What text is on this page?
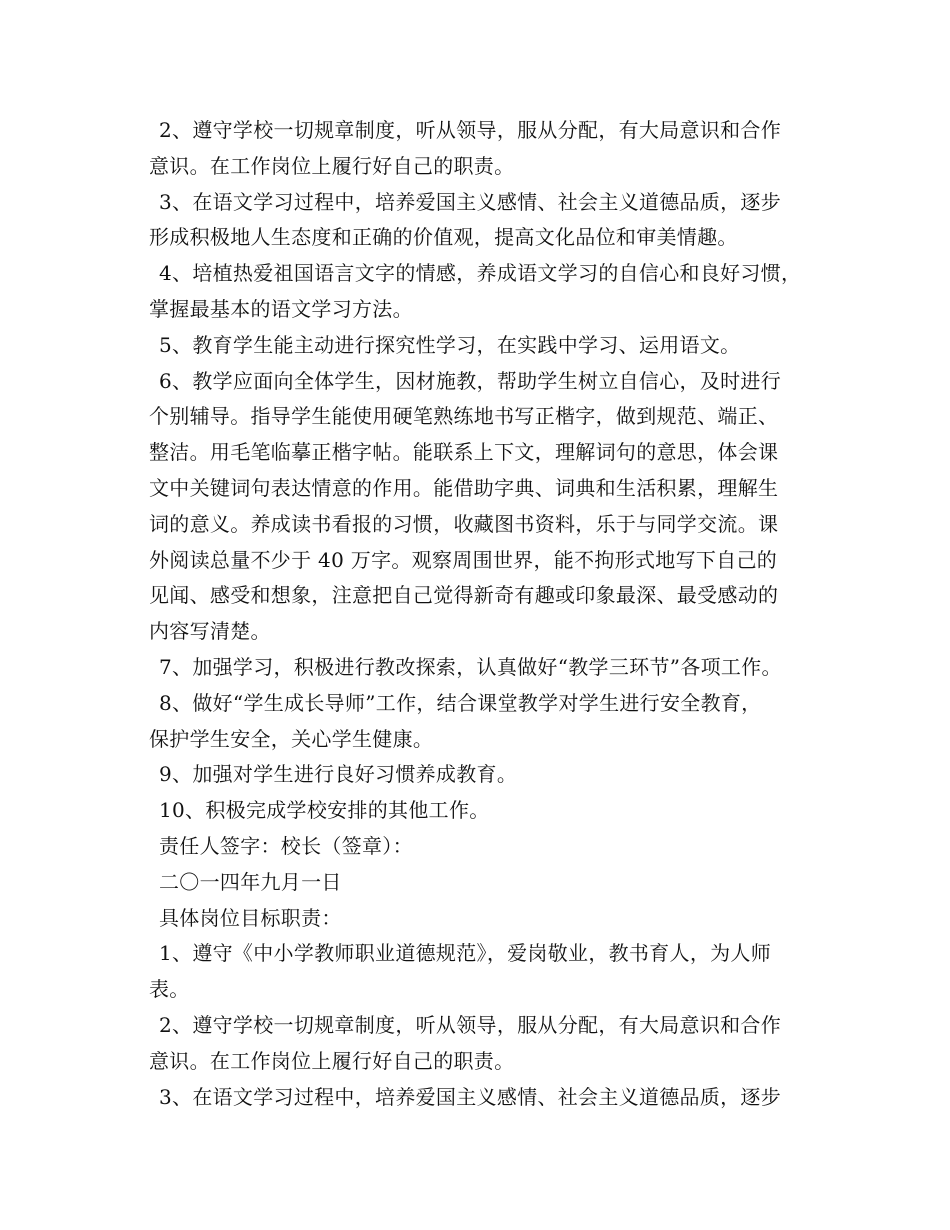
2、遵守学校一切规章制度，听从领导，服从分配，有大局意识和合作
意识。在工作岗位上履行好自己的职责。
3、在语文学习过程中，培养爱国主义感情、社会主义道德品质，逐步
形成积极地人生态度和正确的价值观，提高文化品位和审美情趣。
4、培植热爱祖国语言文字的情感，养成语文学习的自信心和良好习惯，
掌握最基本的语文学习方法。
5、教育学生能主动进行探究性学习，在实践中学习、运用语文。
6、教学应面向全体学生，因材施教，帮助学生树立自信心，及时进行
个别辅导。指导学生能使用硬笔熟练地书写正楷字，做到规范、端正、
整洁。用毛笔临摹正楷字帖。能联系上下文，理解词句的意思，体会课
文中关键词句表达情意的作用。能借助字典、词典和生活积累，理解生
词的意义。养成读书看报的习惯，收藏图书资料，乐于与同学交流。课
外阅读总量不少于 40 万字。观察周围世界，能不拘形式地写下自己的
见闻、感受和想象，注意把自己觉得新奇有趣或印象最深、最受感动的
内容写清楚。
7、加强学习，积极进行教改探索，认真做好“教学三环节”各项工作。
8、做好“学生成长导师”工作，结合课堂教学对学生进行安全教育，
保护学生安全，关心学生健康。
9、加强对学生进行良好习惯养成教育。
10、积极完成学校安排的其他工作。
责任人签字：校长（签章）：
二〇一四年九月一日
具体岗位目标职责：
1、遵守《中小学教师职业道德规范》，爱岗敬业，教书育人，为人师
表。
2、遵守学校一切规章制度，听从领导，服从分配，有大局意识和合作
意识。在工作岗位上履行好自己的职责。
3、在语文学习过程中，培养爱国主义感情、社会主义道德品质，逐步
